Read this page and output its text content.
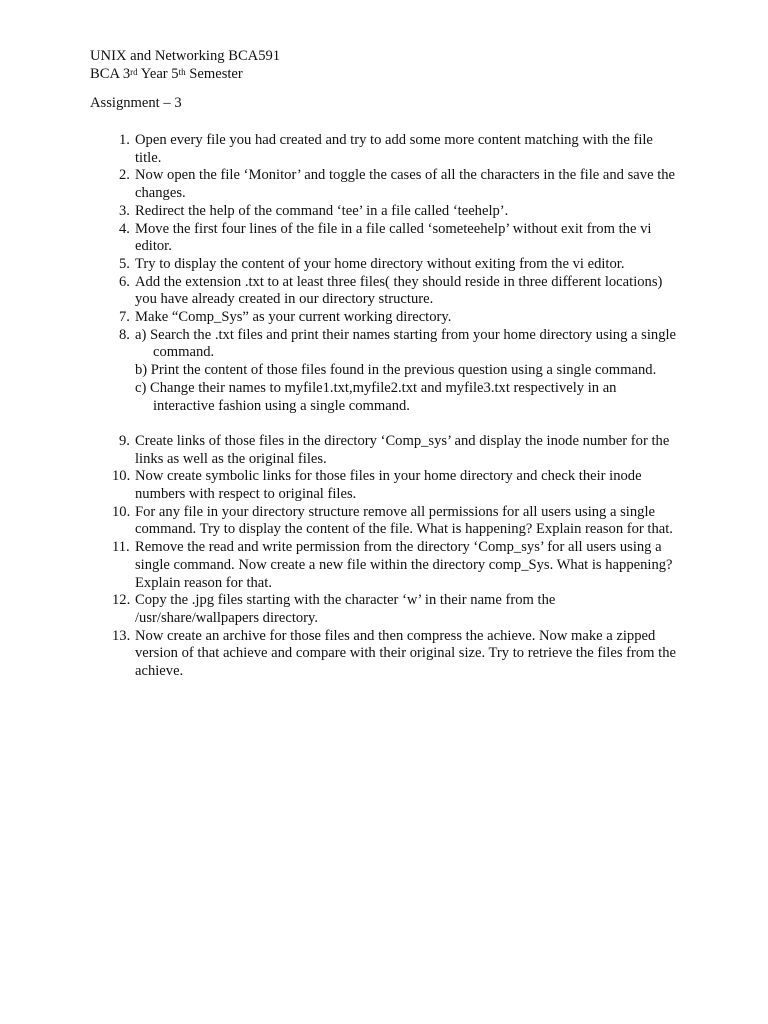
UNIX and Networking BCA591
BCA 3rd Year 5th Semester
Assignment – 3
1. Open every file you had created and try to add some more content matching with the file title.
2. Now open the file ‘Monitor’ and toggle the cases of all the characters in the file and save the changes.
3. Redirect the help of the command ‘tee’ in a file called ‘teehelp’.
4. Move the first four lines of the file in a file called ‘someteehelp’ without exit from the vi editor.
5. Try to display the content of your home directory without exiting from the vi editor.
6. Add the extension .txt to at least three files( they should reside in three different locations) you have already created in our directory structure.
7. Make “Comp_Sys” as your current working directory.
8. a) Search the .txt files and print their names starting from your home directory using a single command.
b) Print the content of those files found in the previous question using a single command.
c) Change their names to myfile1.txt,myfile2.txt and myfile3.txt respectively in an interactive fashion using a single command.
9. Create links of those files in the directory ‘Comp_sys’ and display the inode number for the links as well as the original files.
10. Now create symbolic links for those files in your home directory and check their inode numbers with respect to original files.
10. For any file in your directory structure remove all permissions for all users using a single command. Try to display the content of the file. What is happening? Explain reason for that.
11. Remove the read and write permission from the directory ‘Comp_sys’ for all users using a single command. Now create a new file within the directory comp_Sys. What is happening? Explain reason for that.
12. Copy the .jpg files starting with the character ‘w’ in their name from the /usr/share/wallpapers directory.
13. Now create an archive for those files and then compress the achieve. Now make a zipped version of that achieve and compare with their original size. Try to retrieve the files from the achieve.
